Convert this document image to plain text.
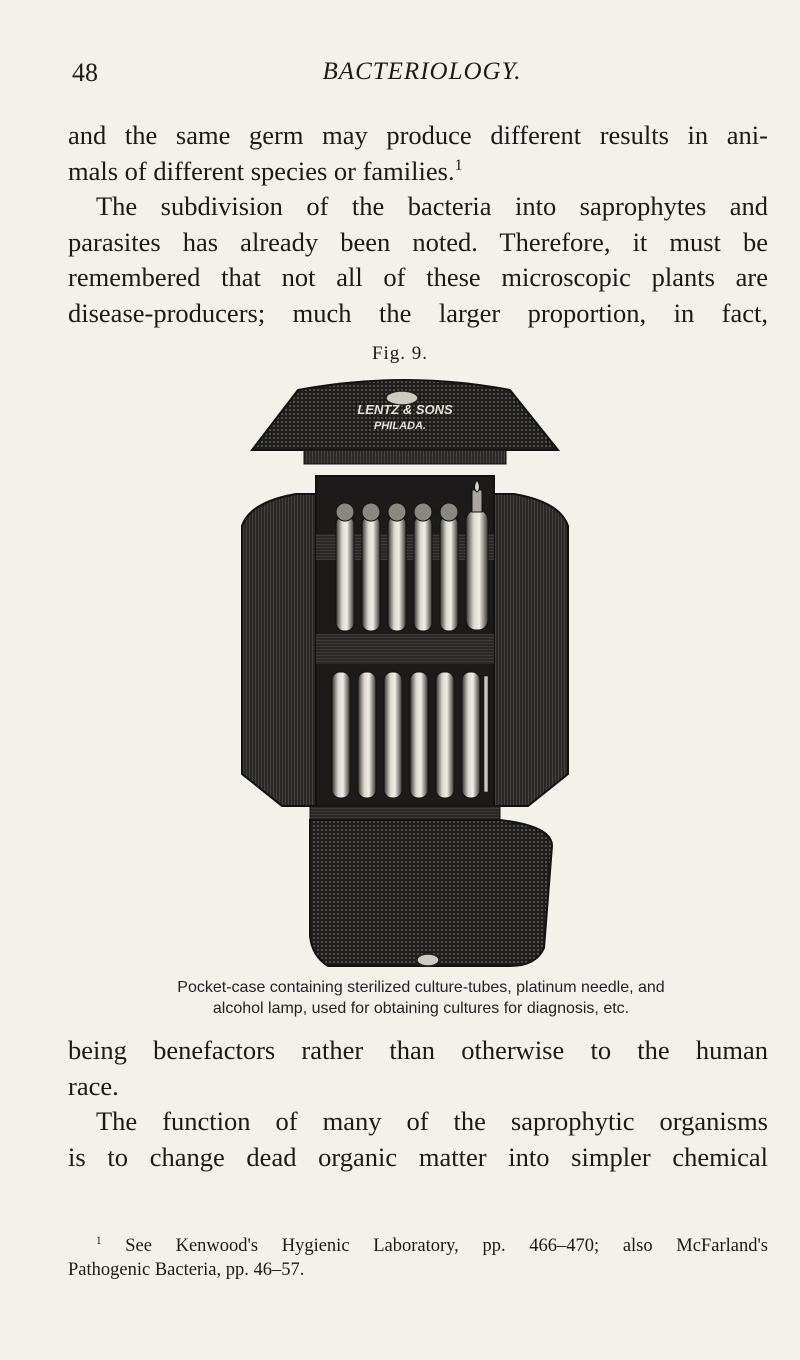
48	BACTERIOLOGY.
and the same germ may produce different results in ani-
mals of different species or families.$^1$
The subdivision of the bacteria into saprophytes and
parasites has already been noted. Therefore, it must be
remembered that not all of these microscopic plants are
disease-producers; much the larger proportion, in fact,
Fig. 9.
LENTZ & SONS
PHILADA.
Pocket-case containing sterilized culture-tubes, platinum needle, and
alcohol lamp, used for obtaining cultures for diagnosis, etc.
being benefactors rather than otherwise to the human
race.
The function of many of the saprophytic organisms
is to change dead organic matter into simpler chemical
$^1$ See Kenwood's Hygienic Laboratory, pp. 466–470; also McFarland's
Pathogenic Bacteria, pp. 46–57.
